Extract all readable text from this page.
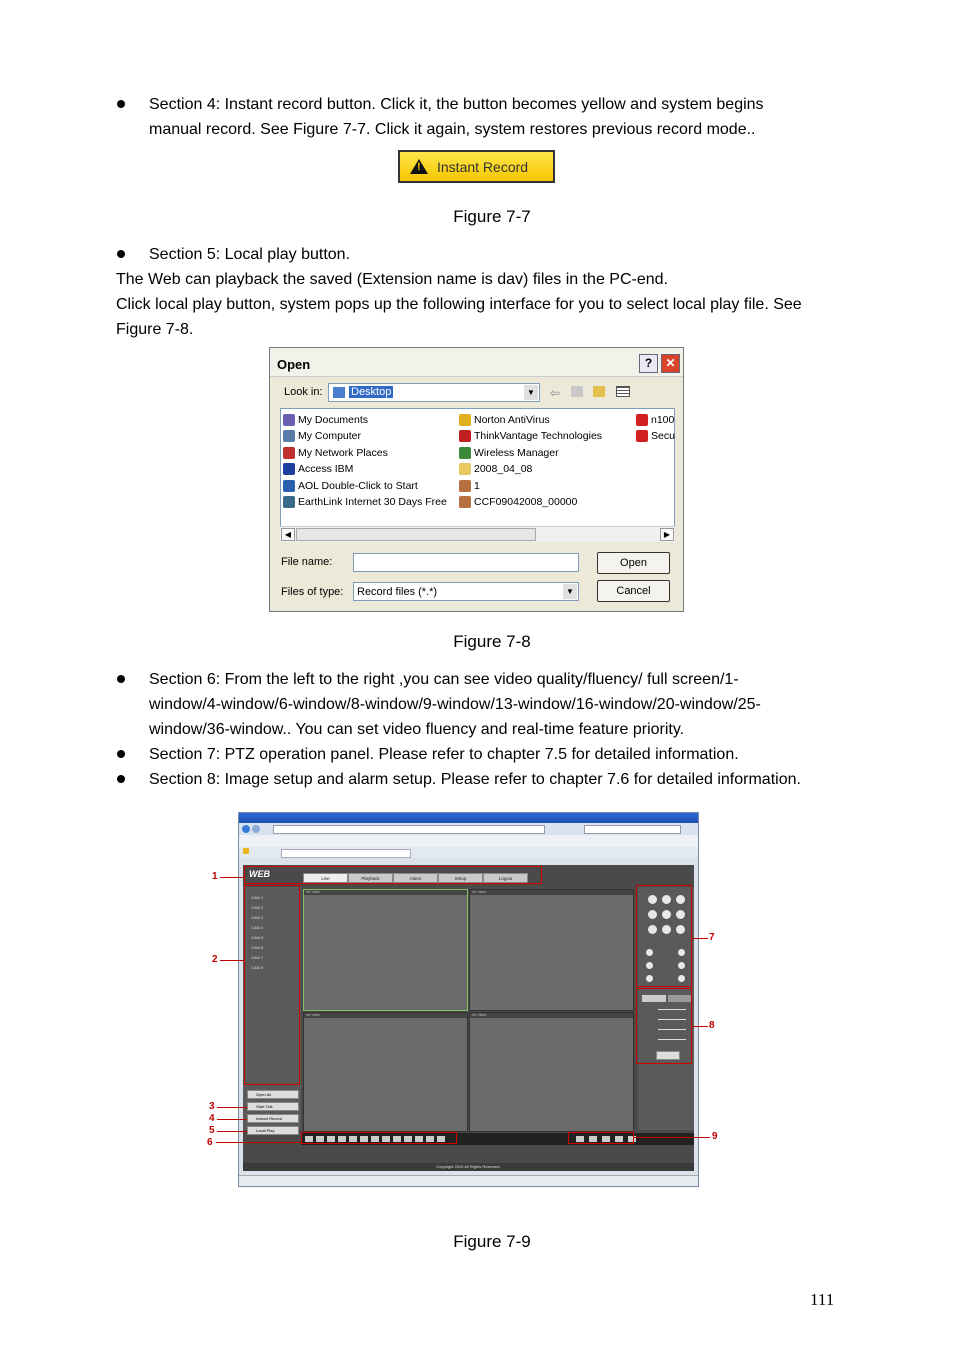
Section 4: Instant record button. Click it, the button becomes yellow and system begins
manual record. See Figure 7-7. Click it again, system restores previous record mode..
!
Instant Record
Figure 7-7
Section 5: Local play button.
The Web can playback the saved (Extension name is dav) files in the PC-end.
Click local play button, system pops up the following interface for you to select local play file. See
Figure 7-8.
Open	?	✕
Look in:	Desktop	▼ ⇦
My Documents
My Computer
My Network Places
Access IBM
AOL Double-Click to Start
EarthLink Internet 30 Days Free
Norton AntiVirus
ThinkVantage Technologies
Wireless Manager
2008_04_08
1
CCF09042008_00000
n100
Secu
◀	▶
File name:	Open
Files of type: Record files (*.*)	▼	Cancel
Figure 7-8
Section 6: From the left to the right ,you can see video quality/fluency/ full screen/1-
window/4-window/6-window/8-window/9-window/13-window/16-window/20-window/25-
window/36-window.. You can set video fluency and real-time feature priority.
Section 7: PTZ operation panel. Please refer to chapter 7.5 for detailed information.
Section 8: Image setup and alarm setup. Please refer to chapter 7.6 for detailed information.
WEB	Live	Playback	Alarm	Setup	Logout
CAM 1
CAM 2
CAM 3
CAM 4
CAM 5
CAM 6
CAM 7
CAM 8
Open All
Start Talk
Instant Record
Local Play
No Video	No Video
No Video	No Video
Copyright 2010 All Rights Reserved.
1
2
3
4
5
6
7
8
9
Figure 7-9
111
